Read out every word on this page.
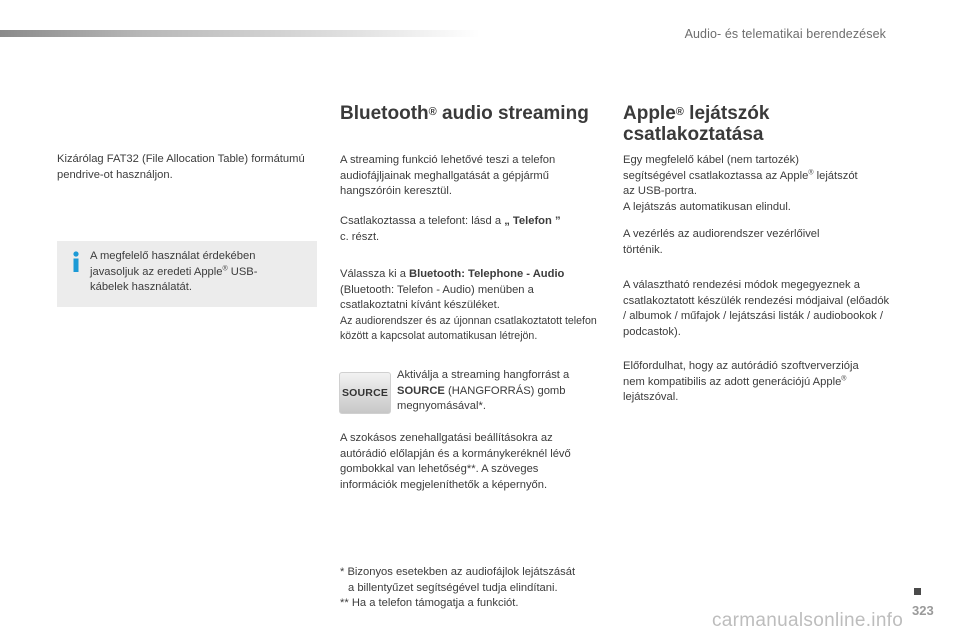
Audio- és telematikai berendezések

Kizárólag FAT32 (File Allocation Table) formátumú pendrive-ot használjon.

A megfelelő használat érdekében
javasoljuk az eredeti Apple® USB-
kábelek használatát.

Bluetooth® audio streaming

A streaming funkció lehetővé teszi a telefon audiofájljainak meghallgatását a gépjármű hangszóróin keresztül.

Csatlakoztassa a telefont: lásd a „ Telefon ”
c. részt.

Válassza ki a Bluetooth: Telephone - Audio
(Bluetooth: Telefon - Audio) menüben a csatlakoztatni kívánt készüléket.
Az audiorendszer és az újonnan csatlakoztatott telefon között a kapcsolat automatikusan létrejön.

SOURCE

Aktiválja a streaming hangforrást a
SOURCE (HANGFORRÁS) gomb
megnyomásával*.

A szokásos zenehallgatási beállításokra az autórádió előlapján és a kormánykeréknél lévő gombokkal van lehetőség**. A szöveges információk megjeleníthetők a képernyőn.

* Bizonyos esetekben az audiofájlok lejátszását
a billentyűzet segítségével tudja elindítani.
** Ha a telefon támogatja a funkciót.

Apple® lejátszók
csatlakoztatása

Egy megfelelő kábel (nem tartozék)
segítségével csatlakoztassa az Apple® lejátszót
az USB-portra.
A lejátszás automatikusan elindul.

A vezérlés az audiorendszer vezérlőivel történik.

A választható rendezési módok megegyeznek a csatlakoztatott készülék rendezési módjaival (előadók / albumok / műfajok / lejátszási listák / audiobookok / podcastok).

Előfordulhat, hogy az autórádió szoftververziója nem kompatibilis az adott generációjú Apple® lejátszóval.

323
carmanualsonline.info
